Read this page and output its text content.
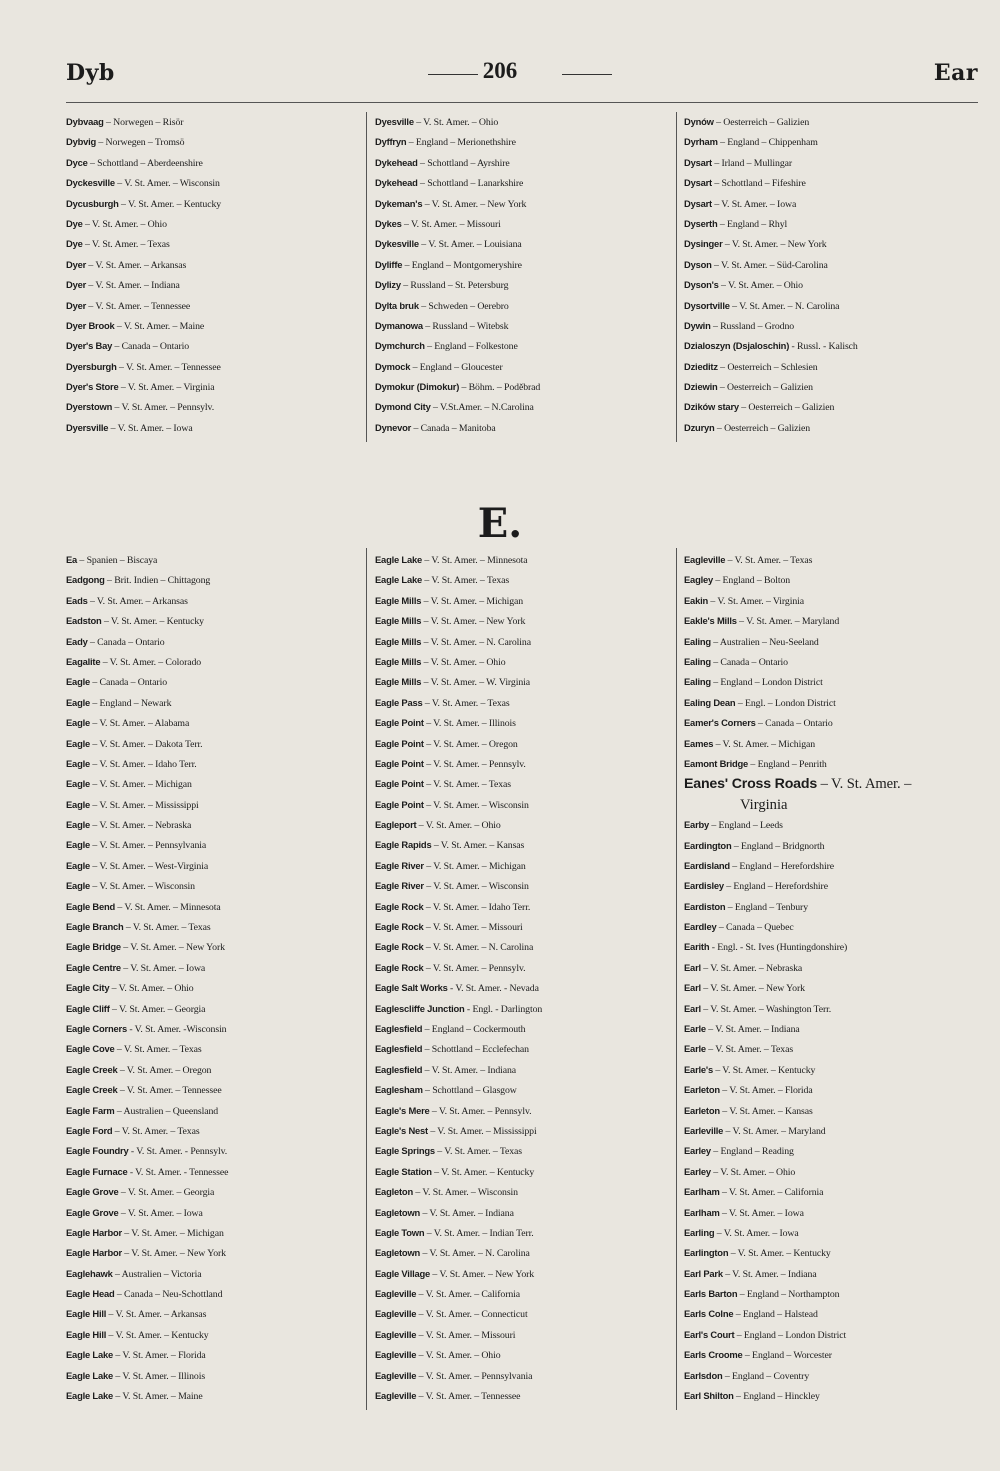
Dyb	206	Ear
Dybvaag – Norwegen – Risör
Dybvig – Norwegen – Tromsö
Dyce – Schottland – Aberdeenshire
Dyckesville – V. St. Amer. – Wisconsin
Dycusburgh – V. St. Amer. – Kentucky
Dye – V. St. Amer. – Ohio
Dye – V. St. Amer. – Texas
Dyer – V. St. Amer. – Arkansas
Dyer – V. St. Amer. – Indiana
Dyer – V. St. Amer. – Tennessee
Dyer Brook – V. St. Amer. – Maine
Dyer's Bay – Canada – Ontario
Dyersburgh – V. St. Amer. – Tennessee
Dyer's Store – V. St. Amer. – Virginia
Dyerstown – V. St. Amer. – Pennsylv.
Dyersville – V. St. Amer. – Iowa
Dyesville – V. St. Amer. – Ohio
Dyffryn – England – Merionethshire
Dykehead – Schottland – Ayrshire
Dykehead – Schottland – Lanarkshire
Dykeman's – V. St. Amer. – New York
Dykes – V. St. Amer. – Missouri
Dykesville – V. St. Amer. – Louisiana
Dyliffe – England – Montgomeryshire
Dylizy – Russland – St. Petersburg
Dylta bruk – Schweden – Oerebro
Dymanowa – Russland – Witebsk
Dymchurch – England – Folkestone
Dymock – England – Gloucester
Dymokur (Dimokur) – Böhm. – Poděbrad
Dymond City – V.St.Amer. – N.Carolina
Dynevor – Canada – Manitoba
Dynów – Oesterreich – Galizien
Dyrham – England – Chippenham
Dysart – Irland – Mullingar
Dysart – Schottland – Fifeshire
Dysart – V. St. Amer. – Iowa
Dyserth – England – Rhyl
Dysinger – V. St. Amer. – New York
Dyson – V. St. Amer. – Süd-Carolina
Dyson's – V. St. Amer. – Ohio
Dysortville – V. St. Amer. – N. Carolina
Dywin – Russland – Grodno
Dzialoszyn (Dsjaloschin) - Russl. - Kalisch
Dzieditz – Oesterreich – Schlesien
Dziewin – Oesterreich – Galizien
Dzików stary – Oesterreich – Galizien
Dzuryn – Oesterreich – Galizien
E.
Ea – Spanien – Biscaya
Eadgong – Brit. Indien – Chittagong
Eads – V. St. Amer. – Arkansas
Eadston – V. St. Amer. – Kentucky
Eady – Canada – Ontario
Eagalite – V. St. Amer. – Colorado
Eagle – Canada – Ontario
Eagle – England – Newark
Eagle – V. St. Amer. – Alabama
Eagle – V. St. Amer. – Dakota Terr.
Eagle – V. St. Amer. – Idaho Terr.
Eagle – V. St. Amer. – Michigan
Eagle – V. St. Amer. – Mississippi
Eagle – V. St. Amer. – Nebraska
Eagle – V. St. Amer. – Pennsylvania
Eagle – V. St. Amer. – West-Virginia
Eagle – V. St. Amer. – Wisconsin
Eagle Bend – V. St. Amer. – Minnesota
Eagle Branch – V. St. Amer. – Texas
Eagle Bridge – V. St. Amer. – New York
Eagle Centre – V. St. Amer. – Iowa
Eagle City – V. St. Amer. – Ohio
Eagle Cliff – V. St. Amer. – Georgia
Eagle Corners - V. St. Amer. -Wisconsin
Eagle Cove – V. St. Amer. – Texas
Eagle Creek – V. St. Amer. – Oregon
Eagle Creek – V. St. Amer. – Tennessee
Eagle Farm – Australien – Queensland
Eagle Ford – V. St. Amer. – Texas
Eagle Foundry - V. St. Amer. - Pennsylv.
Eagle Furnace - V. St. Amer. - Tennessee
Eagle Grove – V. St. Amer. – Georgia
Eagle Grove – V. St. Amer. – Iowa
Eagle Harbor – V. St. Amer. – Michigan
Eagle Harbor – V. St. Amer. – New York
Eaglehawk – Australien – Victoria
Eagle Head – Canada – Neu-Schottland
Eagle Hill – V. St. Amer. – Arkansas
Eagle Hill – V. St. Amer. – Kentucky
Eagle Lake – V. St. Amer. – Florida
Eagle Lake – V. St. Amer. – Illinois
Eagle Lake – V. St. Amer. – Maine
Eagle Lake – V. St. Amer. – Minnesota
Eagle Lake – V. St. Amer. – Texas
Eagle Mills – V. St. Amer. – Michigan
Eagle Mills – V. St. Amer. – New York
Eagle Mills – V. St. Amer. – N. Carolina
Eagle Mills – V. St. Amer. – Ohio
Eagle Mills – V. St. Amer. – W. Virginia
Eagle Pass – V. St. Amer. – Texas
Eagle Point – V. St. Amer. – Illinois
Eagle Point – V. St. Amer. – Oregon
Eagle Point – V. St. Amer. – Pennsylv.
Eagle Point – V. St. Amer. – Texas
Eagle Point – V. St. Amer. – Wisconsin
Eagleport – V. St. Amer. – Ohio
Eagle Rapids – V. St. Amer. – Kansas
Eagle River – V. St. Amer. – Michigan
Eagle River – V. St. Amer. – Wisconsin
Eagle Rock – V. St. Amer. – Idaho Terr.
Eagle Rock – V. St. Amer. – Missouri
Eagle Rock – V. St. Amer. – N. Carolina
Eagle Rock – V. St. Amer. – Pennsylv.
Eagle Salt Works - V. St. Amer. - Nevada
Eaglescliffe Junction - Engl. - Darlington
Eaglesfield – England – Cockermouth
Eaglesfield – Schottland – Ecclefechan
Eaglesfield – V. St. Amer. – Indiana
Eaglesham – Schottland – Glasgow
Eagle's Mere – V. St. Amer. – Pennsylv.
Eagle's Nest – V. St. Amer. – Mississippi
Eagle Springs – V. St. Amer. – Texas
Eagle Station – V. St. Amer. – Kentucky
Eagleton – V. St. Amer. – Wisconsin
Eagletown – V. St. Amer. – Indiana
Eagle Town – V. St. Amer. – Indian Terr.
Eagletown – V. St. Amer. – N. Carolina
Eagle Village – V. St. Amer. – New York
Eagleville – V. St. Amer. – California
Eagleville – V. St. Amer. – Connecticut
Eagleville – V. St. Amer. – Missouri
Eagleville – V. St. Amer. – Ohio
Eagleville – V. St. Amer. – Pennsylvania
Eagleville – V. St. Amer. – Tennessee
Eagleville – V. St. Amer. – Texas
Eagley – England – Bolton
Eakin – V. St. Amer. – Virginia
Eakle's Mills – V. St. Amer. – Maryland
Ealing – Australien – Neu-Seeland
Ealing – Canada – Ontario
Ealing – England – London District
Ealing Dean – Engl. – London District
Eamer's Corners – Canada – Ontario
Eames – V. St. Amer. – Michigan
Eamont Bridge – England – Penrith
Eanes' Cross Roads – V. St. Amer. –
Virginia
Earby – England – Leeds
Eardington – England – Bridgnorth
Eardisland – England – Herefordshire
Eardisley – England – Herefordshire
Eardiston – England – Tenbury
Eardley – Canada – Quebec
Earith - Engl. - St. Ives (Huntingdonshire)
Earl – V. St. Amer. – Nebraska
Earl – V. St. Amer. – New York
Earl – V. St. Amer. – Washington Terr.
Earle – V. St. Amer. – Indiana
Earle – V. St. Amer. – Texas
Earle's – V. St. Amer. – Kentucky
Earleton – V. St. Amer. – Florida
Earleton – V. St. Amer. – Kansas
Earleville – V. St. Amer. – Maryland
Earley – England – Reading
Earley – V. St. Amer. – Ohio
Earlham – V. St. Amer. – California
Earlham – V. St. Amer. – Iowa
Earling – V. St. Amer. – Iowa
Earlington – V. St. Amer. – Kentucky
Earl Park – V. St. Amer. – Indiana
Earls Barton – England – Northampton
Earls Colne – England – Halstead
Earl's Court – England – London District
Earls Croome – England – Worcester
Earlsdon – England – Coventry
Earl Shilton – England – Hinckley
